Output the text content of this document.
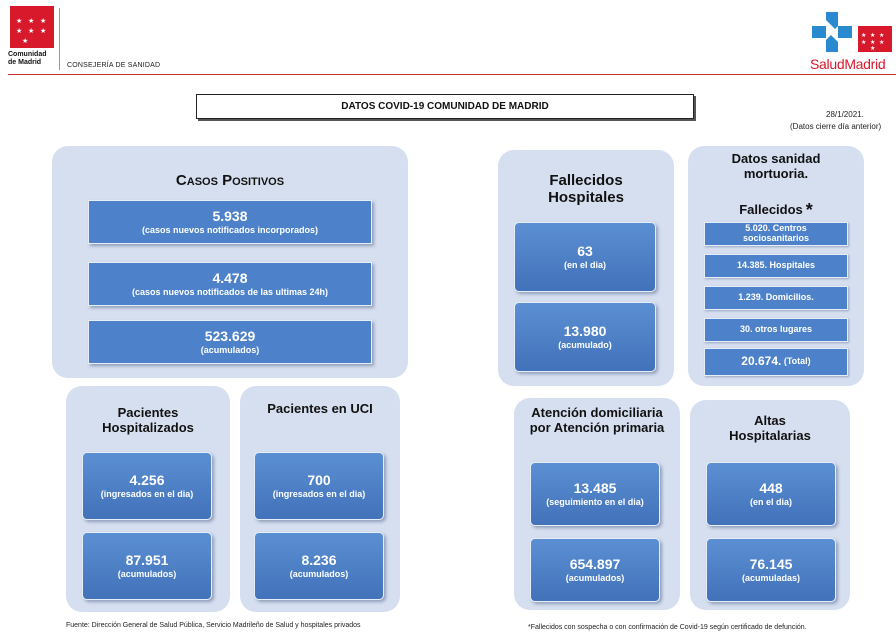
★ ★ ★
★ ★ ★
★
Comunidad
de Madrid	CONSEJERÍA DE SANIDAD
★ ★ ★
★ ★ ★
★
SaludMadrid
DATOS COVID-19 COMUNIDAD DE MADRID
28/1/2021.
(Datos cierre día anterior)
Casos Positivos
5.938
(casos nuevos notificados incorporados)
4.478
(casos nuevos notificados de las ultimas 24h)
523.629
(acumulados)
Pacientes Hospitalizados
4.256
(ingresados en el dia)
87.951
(acumulados)
Pacientes en UCI
700
(ingresados en el dia)
8.236
(acumulados)
Fallecidos Hospitales
63
(en el dia)
13.980
(acumulado)
Datos sanidad mortuoria.
Fallecidos *
5.020. Centros sociosanitarios
14.385. Hospitales
1.239. Domicilios.
30. otros lugares
20.674.
(Total)
Atención domiciliaria por Atención primaria
13.485
(seguimiento en el dia)
654.897
(acumulados)
Altas Hospitalarias
448
(en el dia)
76.145
(acumuladas)
Fuente: Dirección General de Salud Pública, Servicio Madrileño de Salud y hospitales privados	*Fallecidos con sospecha o con confirmación de Covid-19 según certificado de defunción.
